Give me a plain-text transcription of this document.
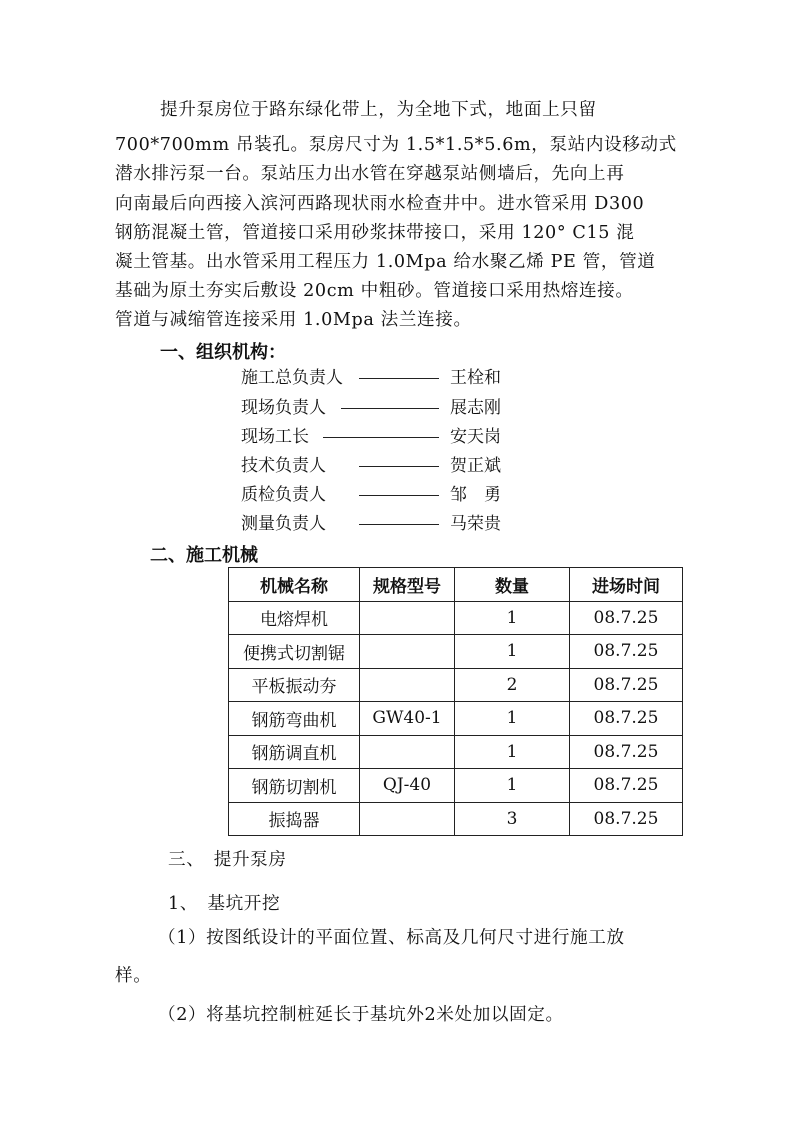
提升泵房位于路东绿化带上，为全地下式，地面上只留
700*700mm 吊装孔。泵房尺寸为 1.5*1.5*5.6m，泵站内设移动式
潜水排污泵一台。泵站压力出水管在穿越泵站侧墙后，先向上再
向南最后向西接入滨河西路现状雨水检查井中。进水管采用 D300
钢筋混凝土管，管道接口采用砂浆抹带接口，采用 120° C15 混
凝土管基。出水管采用工程压力 1.0Mpa 给水聚乙烯 PE 管，管道
基础为原土夯实后敷设 20cm 中粗砂。管道接口采用热熔连接。
管道与减缩管连接采用 1.0Mpa 法兰连接。
一、组织机构：
施工总负责人	王栓和
现场负责人	展志刚
现场工长	安天岗
技术负责人	贺正斌
质检负责人	邹　勇
测量负责人	马荣贵
二、施工机械
机械名称	规格型号	数量	进场时间
电熔焊机		1	08.7.25
便携式切割锯		1	08.7.25
平板振动夯		2	08.7.25
钢筋弯曲机	GW40-1	1	08.7.25
钢筋调直机		1	08.7.25
钢筋切割机	QJ-40	1	08.7.25
振捣器		3	08.7.25
三、　提升泵房
1、　基坑开挖
（1）按图纸设计的平面位置、标高及几何尺寸进行施工放
样。
（2）将基坑控制桩延长于基坑外2米处加以固定。
